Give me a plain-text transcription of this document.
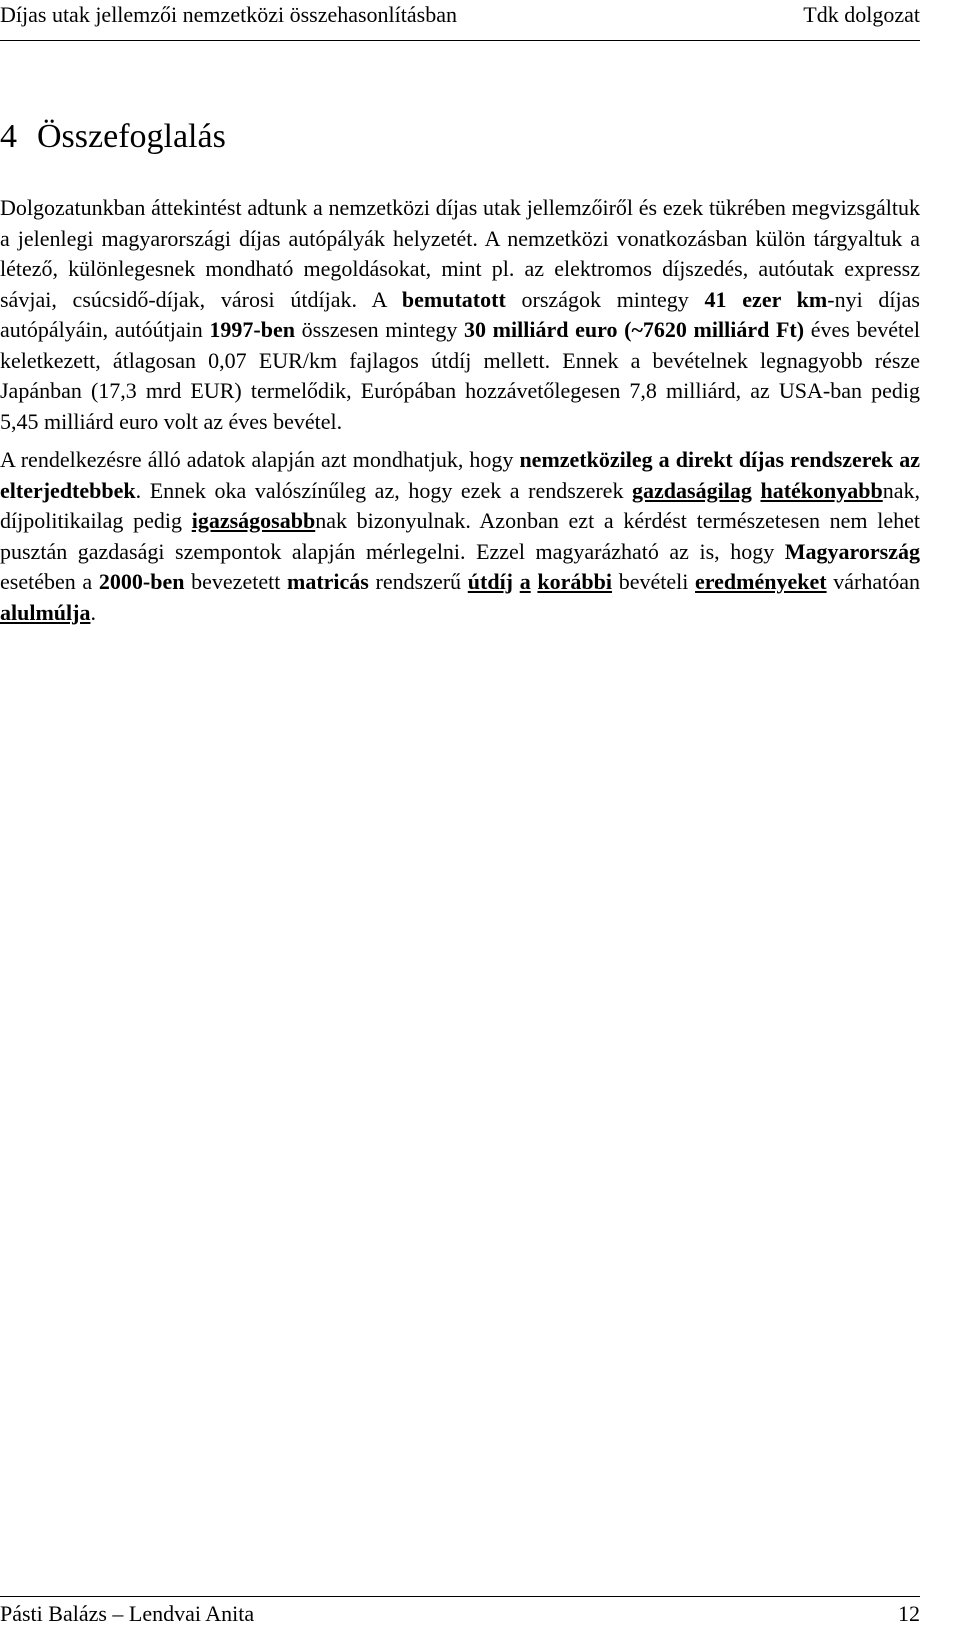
Díjas utak jellemzői nemzetközi összehasonlításban	Tdk dolgozat
4 Összefoglalás

Dolgozatunkban áttekintést adtunk a nemzetközi díjas utak jellemzőiről és ezek tükrében megvizsgáltuk a jelenlegi magyarországi díjas autópályák helyzetét. A nemzetközi vonatkozásban külön tárgyaltuk a létező, különlegesnek mondható megoldásokat, mint pl. az elektromos díjszedés, autóutak expressz sávjai, csúcsidő-díjak, városi útdíjak. A bemutatott országok mintegy 41 ezer km-nyi díjas autópályáin, autóútjain 1997-ben összesen mintegy 30 milliárd euro (~7620 milliárd Ft) éves bevétel keletkezett, átlagosan 0,07 EUR/km fajlagos útdíj mellett. Ennek a bevételnek legnagyobb része Japánban (17,3 mrd EUR) termelődik, Európában hozzávetőlegesen 7,8 milliárd, az USA-ban pedig 5,45 milliárd euro volt az éves bevétel.

A rendelkezésre álló adatok alapján azt mondhatjuk, hogy nemzetközileg a direkt díjas rendszerek az elterjedtebbek. Ennek oka valószínűleg az, hogy ezek a rendszerek gazdaságilag hatékonyabbnak, díjpolitikailag pedig igazságosabbnak bizonyulnak. Azonban ezt a kérdést természetesen nem lehet pusztán gazdasági szempontok alapján mérlegelni. Ezzel magyarázható az is, hogy Magyarország esetében a 2000-ben bevezetett matricás rendszerű útdíj a korábbi bevételi eredményeket várhatóan alulmúlja.

Pásti Balázs – Lendvai Anita	12
